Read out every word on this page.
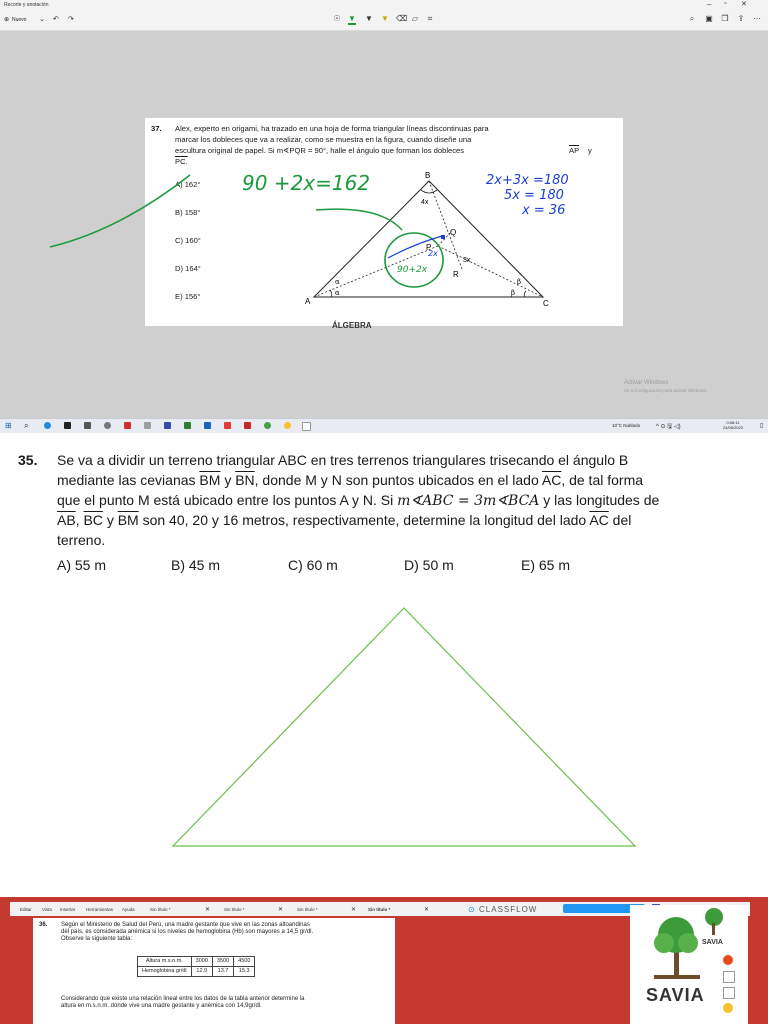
Recorte y anotación	– ▫ ✕
⊕ Nuevo ⌄ ↶ ↷	☉ ▼ ▼ ▼ ⌫ ▱ ⌗	⌕ ▣ ❐ ⇪ ⋯
37. Alex, experto en origami, ha trazado en una hoja de forma triangular líneas discontinuas para
marcar los dobleces que va a realizar, como se muestra en la figura, cuando diseñe una
escultura original de papel. Si m∢PQR = 90°, halle el ángulo que forman los dobleces	$\overline{AP}$ y
PC.
A) 162°
B) 158°
C) 160°
D) 164°
E) 156°
ÁLGEBRA
A
B
C
P
Q
R
4x
3x
α
α
β
β
90 +2x=162
90+2x
2x
2x+3x =180
5x = 180
x = 36
Activar Windows
Ve a Configuración para activar Windows.
⊞ ⌕	10°C Nublado	^ ⊙ 🖫 ◁)
0:08:11
24/06/2023	▯
35. Se va a dividir un terreno triangular ABC en tres terrenos triangulares trisecando el ángulo B
mediante las cevianas $\overline{BM}$ y $\overline{BN}$, donde M y N son puntos ubicados en el lado $\overline{AC}$, de tal forma
que el punto M está ubicado entre los puntos A y N. Si m∢ABC = 3m∢BCA y las longitudes de
$\overline{AB}$, $\overline{BC}$ y $\overline{BM}$ son 40, 20 y 16 metros, respectivamente, determine la longitud del lado $\overline{AC}$ del
terreno.
A) 55 m	B) 45 m	C) 60 m	D) 50 m	E) 65 m
Editar Vista Insertar Herramientas Ayuda	Sin título *	✕	Sin título *	✕	Sin título *	✕	Sin título *	✕	⊙ CLASSFLOW
36. Según el Ministerio de Salud del Perú, una madre gestante que vive en las zonas altoandinas
del país, es considerada anémica si los niveles de hemoglobina (Hb) son mayores a 14,5 gr/dl.
Observe la siguiente tabla:
Altura m.s.n.m.	3000	3500	4500
Hemoglobina gr/dl	12.9	13.7	15.3
Considerando que existe una relación lineal entre los datos de la tabla anterior determine la
altura en m.s.n.m. donde vive una madre gestante y anémica con 14,9gr/dl.
SAVIA
SAVIA
